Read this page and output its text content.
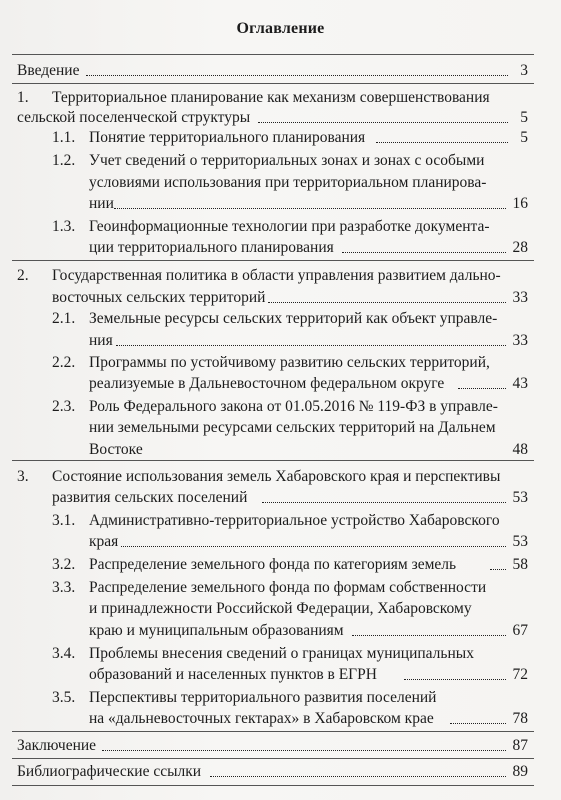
Оглавление
Введение	3
1. Территориальное планирование как механизм совершенствования
сельской поселенческой структуры	5
1.1. Понятие территориального планирования	5
1.2. Учет сведений о территориальных зонах и зонах с особыми
условиями использования при территориальном планирова-
нии	16
1.3. Геоинформационные технологии при разработке документа-
ции территориального планирования	28
2. Государственная политика в области управления развитием дально-
восточных сельских территорий	33
2.1. Земельные ресурсы сельских территорий как объект управле-
ния	33
2.2. Программы по устойчивому развитию сельских территорий,
реализуемые в Дальневосточном федеральном округе	43
2.3. Роль Федерального закона от 01.05.2016 № 119-ФЗ в управле-
нии земельными ресурсами сельских территорий на Дальнем
Востоке	48
3. Состояние использования земель Хабаровского края и перспективы
развития сельских поселений	53
3.1. Административно-территориальное устройство Хабаровского
края	53
3.2. Распределение земельного фонда по категориям земель	58
3.3. Распределение земельного фонда по формам собственности
и принадлежности Российской Федерации, Хабаровскому
краю и муниципальным образованиям	67
3.4. Проблемы внесения сведений о границах муниципальных
образований и населенных пунктов в ЕГРН	72
3.5. Перспективы территориального развития поселений
на «дальневосточных гектарах» в Хабаровском крае	78
Заключение	87
Библиографические ссылки	89
